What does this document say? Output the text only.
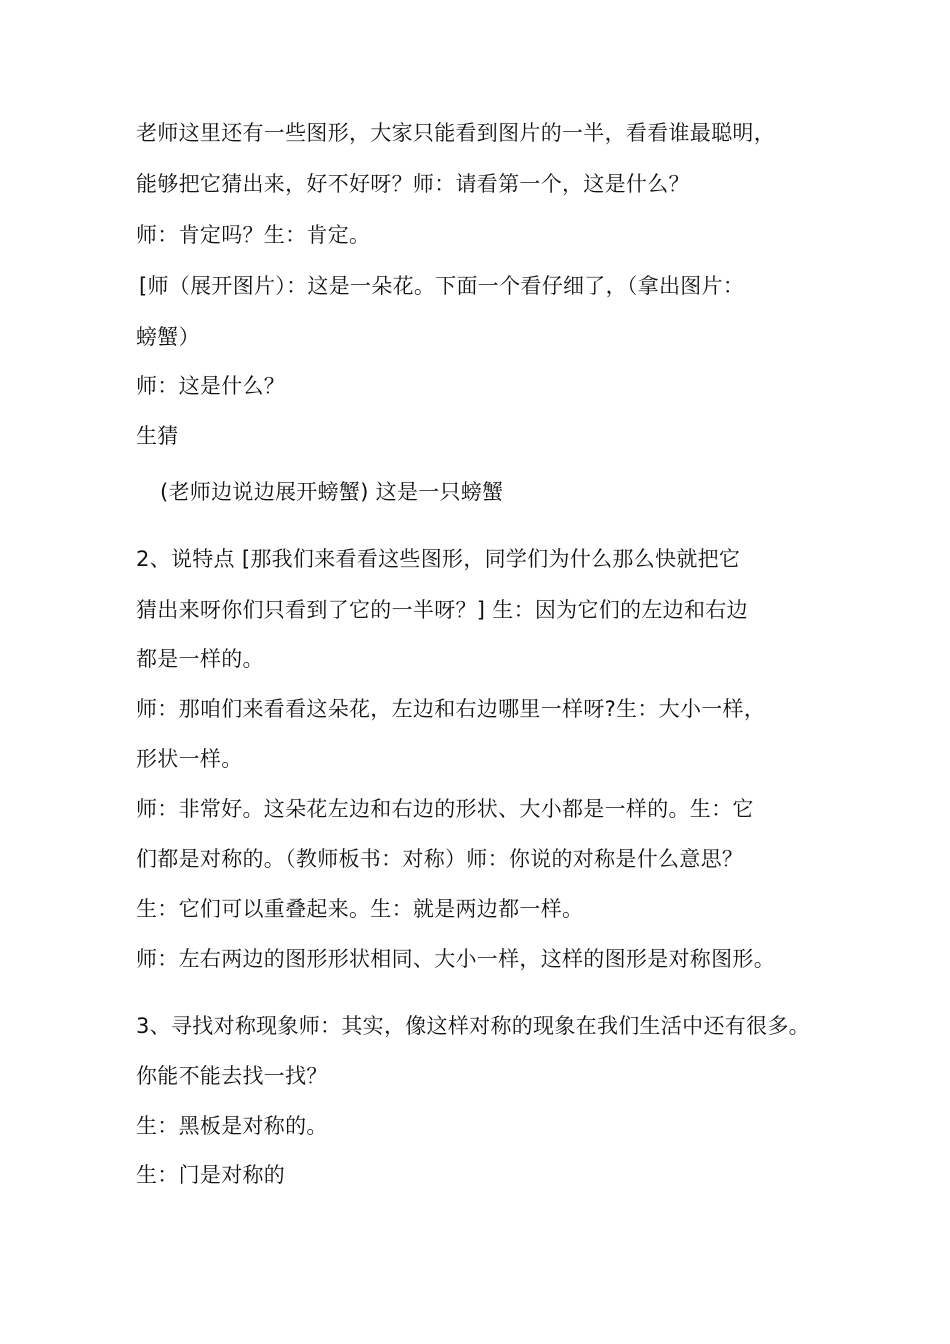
老师这里还有一些图形，大家只能看到图片的一半，看看谁最聪明，
能够把它猜出来，好不好呀？师：请看第一个，这是什么？
师：肯定吗？生：肯定。
[师（展开图片）：这是一朵花。下面一个看仔细了，（拿出图片：
螃蟹）
师：这是什么？
生猜
(老师边说边展开螃蟹) 这是一只螃蟹
2、说特点 [那我们来看看这些图形，同学们为什么那么快就把它
猜出来呀你们只看到了它的一半呀？] 生：因为它们的左边和右边
都是一样的。
师：那咱们来看看这朵花，左边和右边哪里一样呀?生：大小一样，
形状一样。
师：非常好。这朵花左边和右边的形状、大小都是一样的。生：它
们都是对称的。（教师板书：对称）师：你说的对称是什么意思？
生：它们可以重叠起来。生：就是两边都一样。
师：左右两边的图形形状相同、大小一样，这样的图形是对称图形。
3、寻找对称现象师：其实，像这样对称的现象在我们生活中还有很多。
你能不能去找一找？
生：黑板是对称的。
生：门是对称的
